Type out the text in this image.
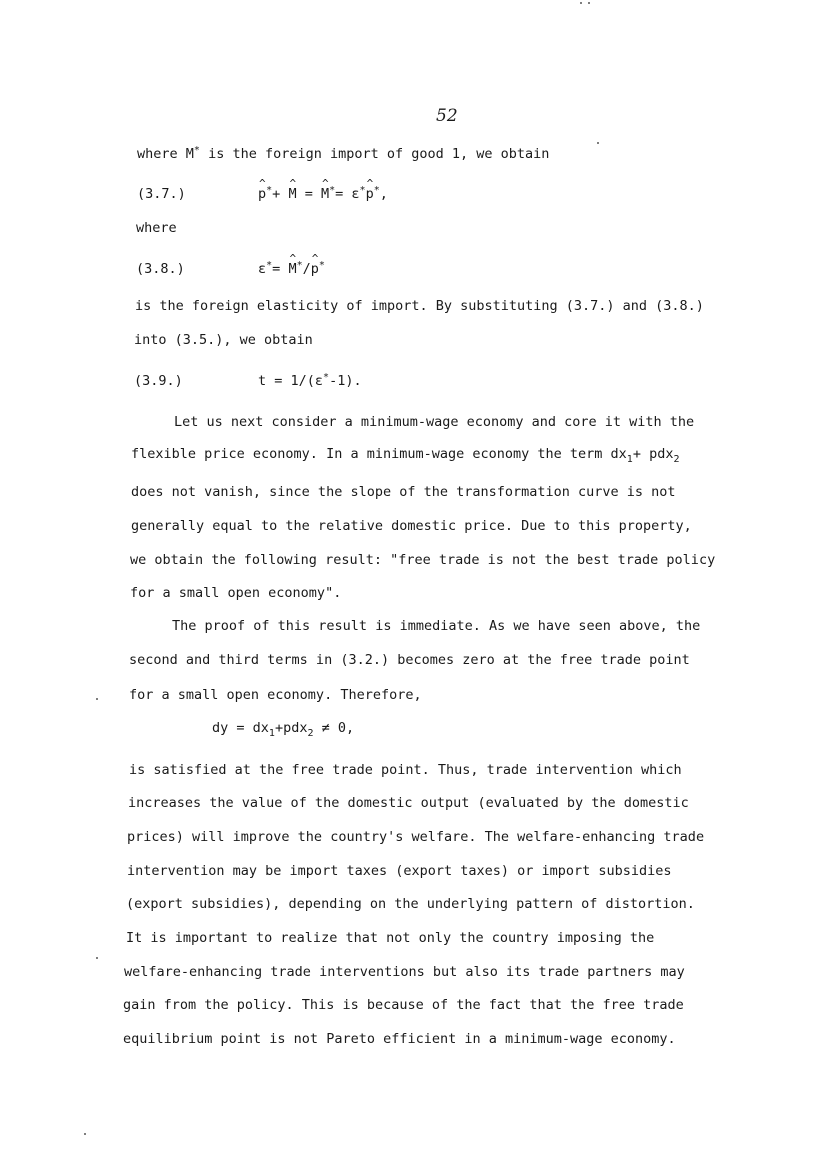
52
where M* is the foreign import of good 1, we obtain
(3.7.)
^	p*+ ^ M = ^ M*= ε*^ p*,
where
(3.8.)	ε*= ^ M*/^ p*
is the foreign elasticity of import. By substituting (3.7.) and (3.8.)
into (3.5.), we obtain
(3.9.)	t = 1/(ε*-1).
Let us next consider a minimum-wage economy and core it with the
flexible price economy. In a minimum-wage economy the term $dx_1+ pdx_2$
does not vanish, since the slope of the transformation curve is not
generally equal to the relative domestic price. Due to this property,
we obtain the following result: "free trade is not the best trade policy
for a small open economy".
The proof of this result is immediate. As we have seen above, the
second and third terms in (3.2.) becomes zero at the free trade point
for a small open economy. Therefore,
dy = $dx_1+pdx_2 \ne 0$,
is satisfied at the free trade point. Thus, trade intervention which
increases the value of the domestic output (evaluated by the domestic
prices) will improve the country's welfare. The welfare-enhancing trade
intervention may be import taxes (export taxes) or import subsidies
(export subsidies), depending on the underlying pattern of distortion.
It is important to realize that not only the country imposing the
welfare-enhancing trade interventions but also its trade partners may
gain from the policy. This is because of the fact that the free trade
equilibrium point is not Pareto efficient in a minimum-wage economy.
